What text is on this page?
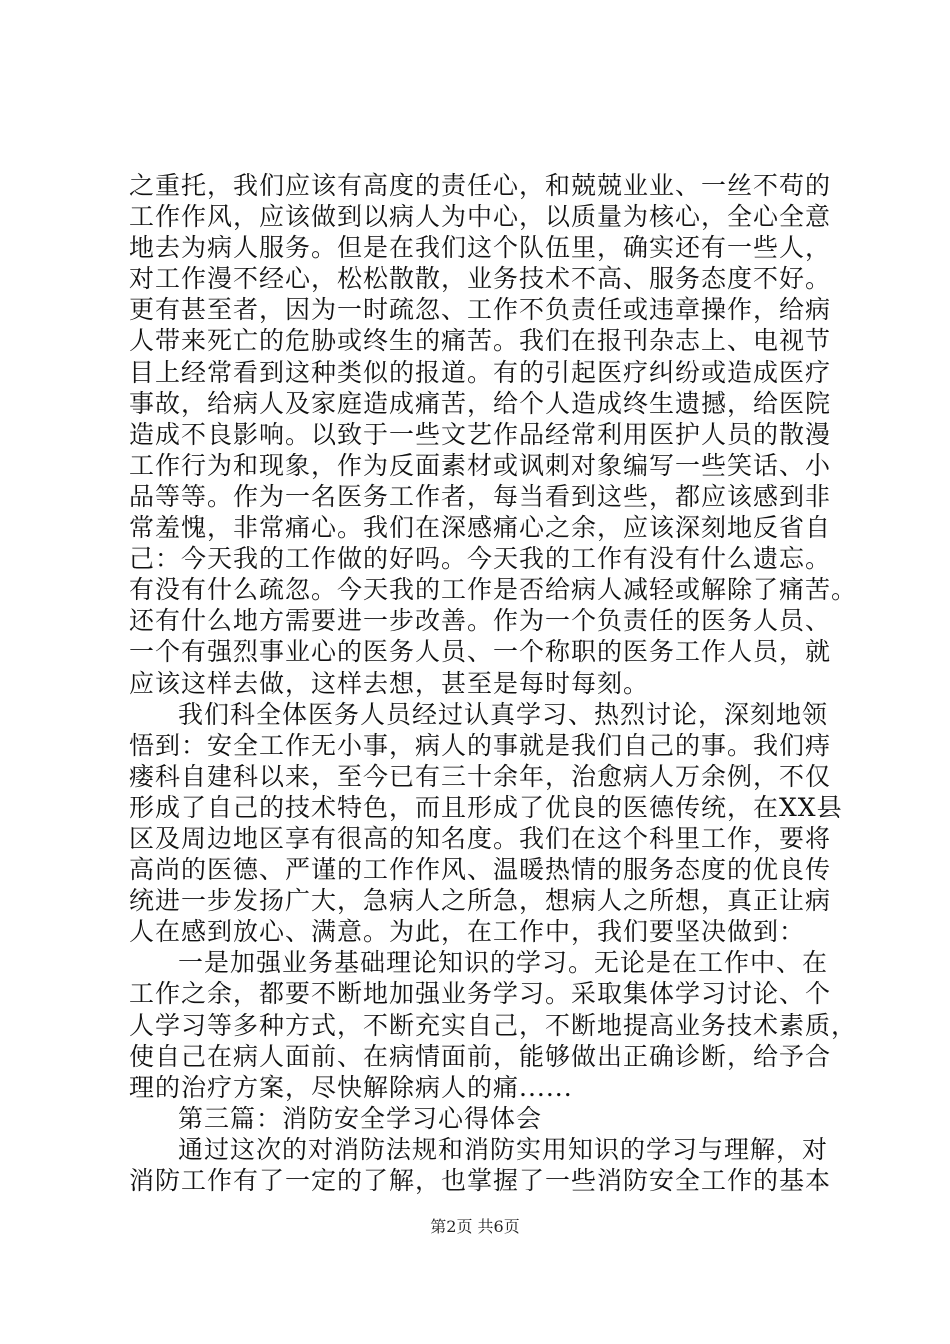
之重托，我们应该有高度的责任心，和兢兢业业、一丝不苟的
工作作风，应该做到以病人为中心，以质量为核心，全心全意
地去为病人服务。但是在我们这个队伍里，确实还有一些人，
对工作漫不经心，松松散散，业务技术不高、服务态度不好。
更有甚至者，因为一时疏忽、工作不负责任或违章操作，给病
人带来死亡的危胁或终生的痛苦。我们在报刊杂志上、电视节
目上经常看到这种类似的报道。有的引起医疗纠纷或造成医疗
事故，给病人及家庭造成痛苦，给个人造成终生遗撼，给医院
造成不良影响。以致于一些文艺作品经常利用医护人员的散漫
工作行为和现象，作为反面素材或讽刺对象编写一些笑话、小
品等等。作为一名医务工作者，每当看到这些，都应该感到非
常羞愧，非常痛心。我们在深感痛心之余，应该深刻地反省自
己：今天我的工作做的好吗。今天我的工作有没有什么遗忘。
有没有什么疏忽。今天我的工作是否给病人减轻或解除了痛苦。
还有什么地方需要进一步改善。作为一个负责任的医务人员、
一个有强烈事业心的医务人员、一个称职的医务工作人员，就
应该这样去做，这样去想，甚至是每时每刻。
我们科全体医务人员经过认真学习、热烈讨论，深刻地领
悟到：安全工作无小事，病人的事就是我们自己的事。我们痔
瘘科自建科以来，至今已有三十余年，治愈病人万余例，不仅
形成了自己的技术特色，而且形成了优良的医德传统，在XX县
区及周边地区享有很高的知名度。我们在这个科里工作，要将
高尚的医德、严谨的工作作风、温暖热情的服务态度的优良传
统进一步发扬广大，急病人之所急，想病人之所想，真正让病
人在感到放心、满意。为此，在工作中，我们要坚决做到：
一是加强业务基础理论知识的学习。无论是在工作中、在
工作之余，都要不断地加强业务学习。采取集体学习讨论、个
人学习等多种方式，不断充实自己，不断地提高业务技术素质，
使自己在病人面前、在病情面前，能够做出正确诊断，给予合
理的治疗方案，尽快解除病人的痛......
第三篇：消防安全学习心得体会
通过这次的对消防法规和消防实用知识的学习与理解，对
消防工作有了一定的了解，也掌握了一些消防安全工作的基本
第2页 共6页
